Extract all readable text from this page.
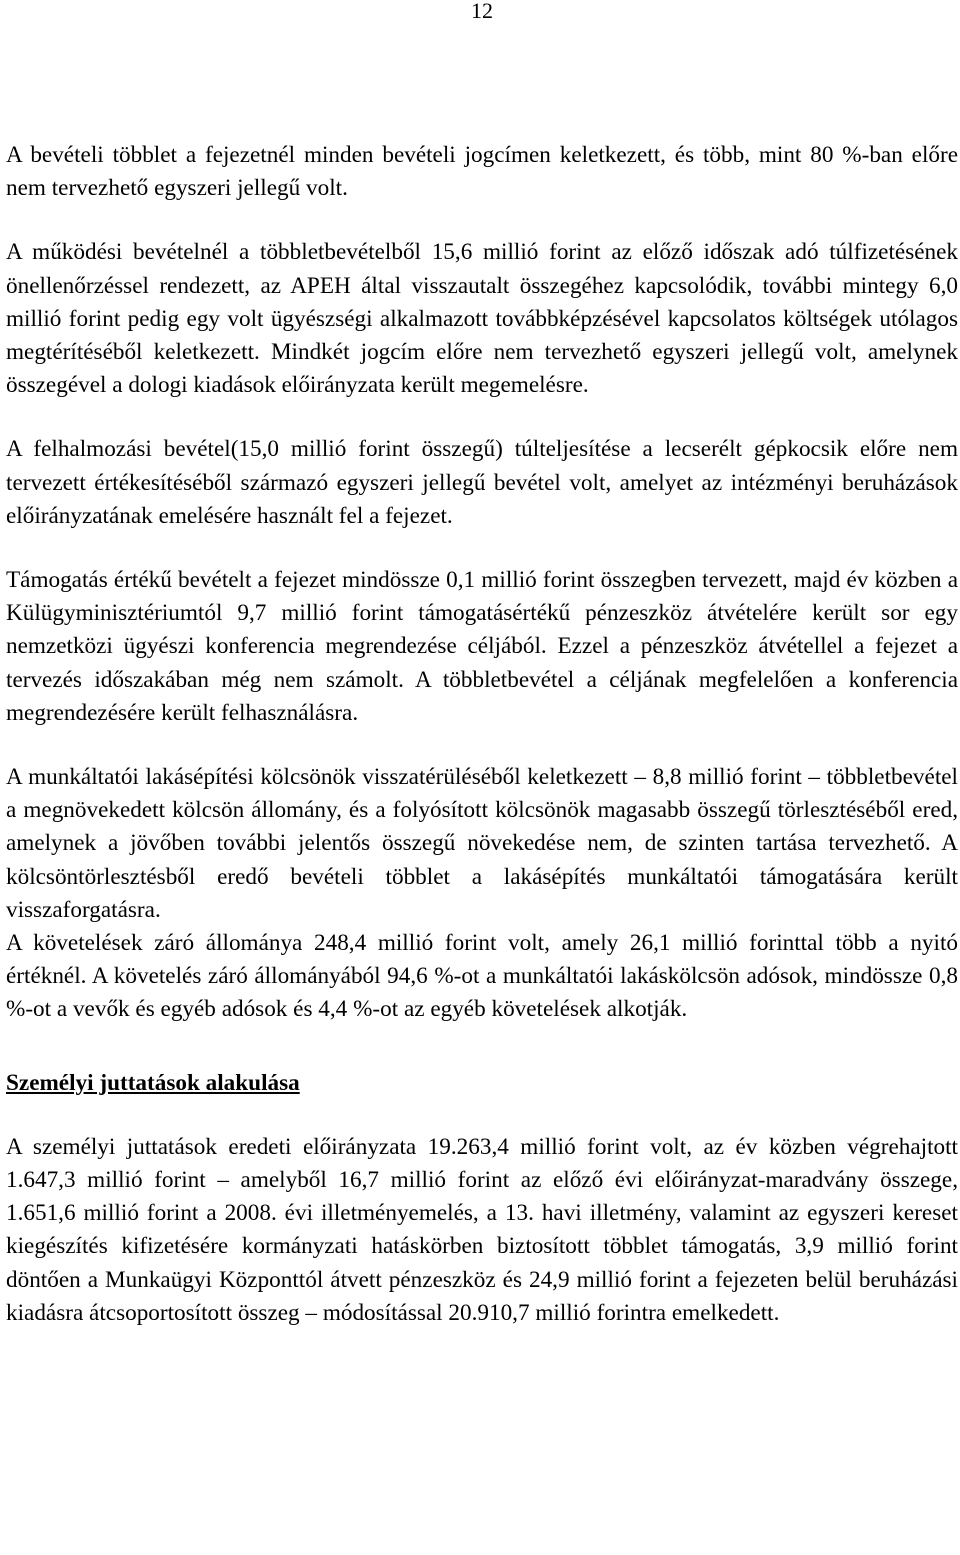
12

A bevételi többlet a fejezetnél minden bevételi jogcímen keletkezett, és több, mint 80 %-ban előre nem tervezhető egyszeri jellegű volt.

A működési bevételnél a többletbevételből 15,6 millió forint az előző időszak adó túlfizetésének önellenőrzéssel rendezett, az APEH által visszautalt összegéhez kapcsolódik, további mintegy 6,0 millió forint pedig egy volt ügyészségi alkalmazott továbbképzésével kapcsolatos költségek utólagos megtérítéséből keletkezett. Mindkét jogcím előre nem tervezhető egyszeri jellegű volt, amelynek összegével a dologi kiadások előirányzata került megemelésre.

A felhalmozási bevétel(15,0 millió forint összegű) túlteljesítése a lecserélt gépkocsik előre nem tervezett értékesítéséből származó egyszeri jellegű bevétel volt, amelyet az intézményi beruházások előirányzatának emelésére használt fel a fejezet.

Támogatás értékű bevételt a fejezet mindössze 0,1 millió forint összegben tervezett, majd év közben a Külügyminisztériumtól 9,7 millió forint támogatásértékű pénzeszköz átvételére került sor egy nemzetközi ügyészi konferencia megrendezése céljából. Ezzel a pénzeszköz átvétellel a fejezet a tervezés időszakában még nem számolt. A többletbevétel a céljának megfelelően a konferencia megrendezésére került felhasználásra.

A munkáltatói lakásépítési kölcsönök visszatérüléséből keletkezett – 8,8 millió forint – többletbevétel a megnövekedett kölcsön állomány, és a folyósított kölcsönök magasabb összegű törlesztéséből ered, amelynek a jövőben további jelentős összegű növekedése nem, de szinten tartása tervezhető. A kölcsöntörlesztésből eredő bevételi többlet a lakásépítés munkáltatói támogatására került visszaforgatásra.

A követelések záró állománya 248,4 millió forint volt, amely 26,1 millió forinttal több a nyitó értéknél. A követelés záró állományából 94,6 %-ot a munkáltatói lakáskölcsön adósok, mindössze 0,8 %-ot a vevők és egyéb adósok és 4,4 %-ot az egyéb követelések alkotják.

Személyi juttatások alakulása

A személyi juttatások eredeti előirányzata 19.263,4 millió forint volt, az év közben végrehajtott 1.647,3 millió forint – amelyből 16,7 millió forint az előző évi előirányzat-maradvány összege, 1.651,6 millió forint a 2008. évi illetményemelés, a 13. havi illetmény, valamint az egyszeri kereset kiegészítés kifizetésére kormányzati hatáskörben biztosított többlet támogatás, 3,9 millió forint döntően a Munkaügyi Központtól átvett pénzeszköz és 24,9 millió forint a fejezeten belül beruházási kiadásra átcsoportosított összeg – módosítással 20.910,7 millió forintra emelkedett.
